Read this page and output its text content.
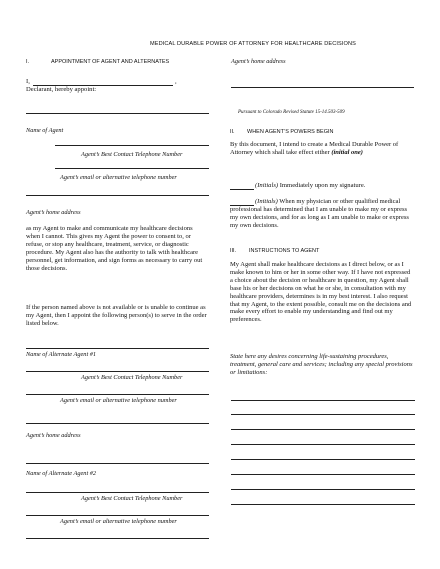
MEDICAL DURABLE POWER OF ATTORNEY FOR HEALTHCARE DECISIONS
I.	APPOINTMENT OF AGENT AND ALTERNATES
I,	,
Declarant, hereby appoint:
Name of Agent
Agent’s Best Contact Telephone Number
Agent’s email or alternative telephone number
Agent’s home address
as my Agent to make and communicate my healthcare decisions when I cannot. This gives my Agent the power to consent to, or refuse, or stop any healthcare, treatment, service, or diagnostic procedure. My Agent also has the authority to talk with healthcare personnel, get information, and sign forms as necessary to carry out those decisions.
If the person named above is not available or is unable to continue as my Agent, then I appoint the following person(s) to serve in the order listed below.
Name of Alternate Agent #1
Agent’s Best Contact Telephone Number
Agent’s email or alternative telephone number
Agent’s home address
Name of Alternate Agent #2
Agent’s Best Contact Telephone Number
Agent’s email or alternative telephone number
Agent’s home address
Pursuant to Colorado Revised Statute 15-14.503-509
II. WHEN AGENT’S POWERS BEGIN
By this document, I intend to create a Medical Durable Power of Attorney which shall take effect either (initial one)
(Initials) Immediately upon my signature.
(Initials) When my physician or other qualified medical professional has determined that I am unable to make my or express my own decisions, and for as long as I am unable to make or express my own decisions.
III. INSTRUCTIONS TO AGENT
My Agent shall make healthcare decisions as I direct below, or as I make known to him or her in some other way. If I have not expressed a choice about the decision or healthcare in question, my Agent shall base his or her decisions on what he or she, in consultation with my healthcare providers, determines is in my best interest. I also request that my Agent, to the extent possible, consult me on the decisions and make every effort to enable my understanding and find out my preferences.
State here any desires concerning life-sustaining procedures, treatment, general care and services; including any special provisions or limitations:
